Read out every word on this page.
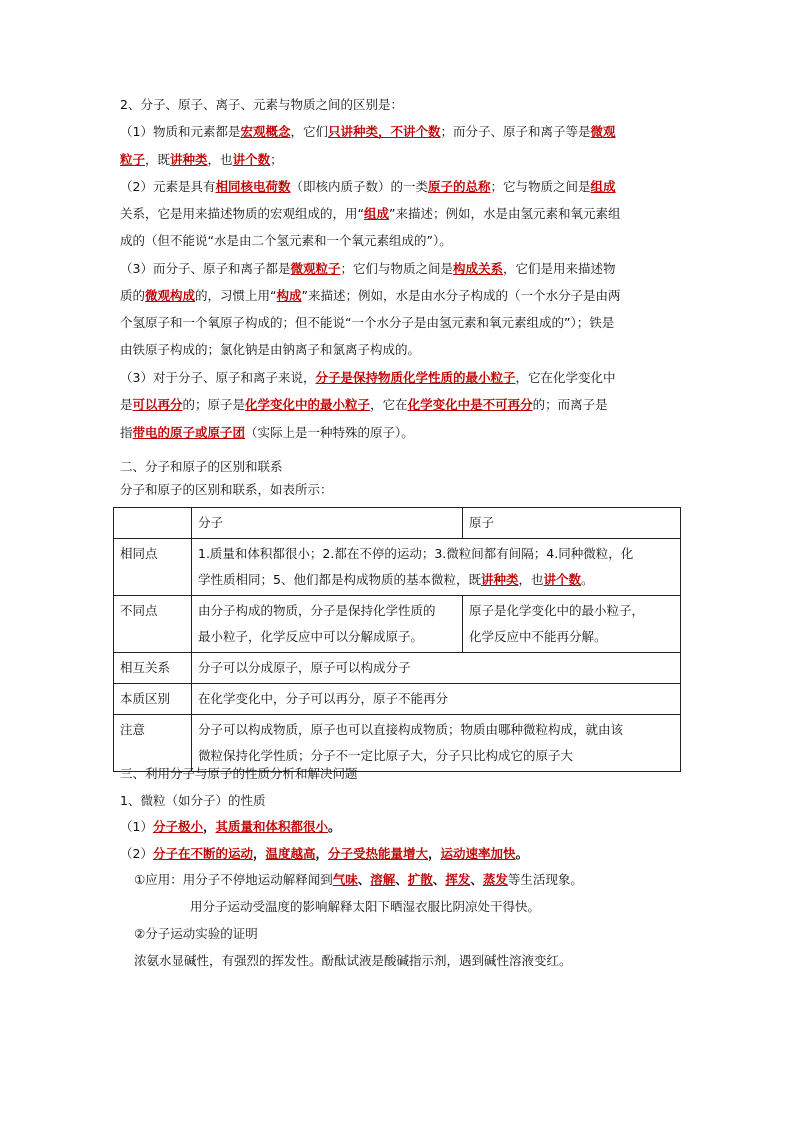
2、分子、原子、离子、元素与物质之间的区别是：
（1）物质和元素都是宏观概念，它们只讲种类，不讲个数；而分子、原子和离子等是微观
粒子，既讲种类，也讲个数；
（2）元素是具有相同核电荷数（即核内质子数）的一类原子的总称；它与物质之间是组成
关系，它是用来描述物质的宏观组成的，用“组成”来描述；例如，水是由氢元素和氧元素组
成的（但不能说“水是由二个氢元素和一个氧元素组成的”）。
（3）而分子、原子和离子都是微观粒子；它们与物质之间是构成关系，它们是用来描述物
质的微观构成的，习惯上用“构成”来描述；例如，水是由水分子构成的（一个水分子是由两
个氢原子和一个氧原子构成的；但不能说“一个水分子是由氢元素和氧元素组成的”）；铁是
由铁原子构成的；氯化钠是由钠离子和氯离子构成的。
（3）对于分子、原子和离子来说，分子是保持物质化学性质的最小粒子，它在化学变化中
是可以再分的；原子是化学变化中的最小粒子，它在化学变化中是不可再分的；而离子是
指带电的原子或原子团（实际上是一种特殊的原子）。
二、分子和原子的区别和联系
分子和原子的区别和联系，如表所示：
	分子	原子
相同点	1.质量和体积都很小；2.都在不停的运动；3.微粒间都有间隔；4.同种微粒，化
学性质相同；5、他们都是构成物质的基本微粒，既讲种类，也讲个数。	
不同点	由分子构成的物质，分子是保持化学性质的
最小粒子，化学反应中可以分解成原子。	原子是化学变化中的最小粒子，
化学反应中不能再分解。
相互关系	分子可以分成原子，原子可以构成分子	
本质区别	在化学变化中，分子可以再分，原子不能再分	
注意	分子可以构成物质，原子也可以直接构成物质；物质由哪种微粒构成，就由该
微粒保持化学性质；分子不一定比原子大，分子只比构成它的原子大	
三、利用分子与原子的性质分析和解决问题
1、微粒（如分子）的性质
（1）分子极小，其质量和体积都很小。
（2）分子在不断的运动，温度越高，分子受热能量增大，运动速率加快。
①应用：用分子不停地运动解释闻到气味、溶解、扩散、挥发、蒸发等生活现象。
用分子运动受温度的影响解释太阳下晒湿衣服比阴凉处干得快。
②分子运动实验的证明
浓氨水显碱性，有强烈的挥发性。酚酞试液是酸碱指示剂，遇到碱性溶液变红。
